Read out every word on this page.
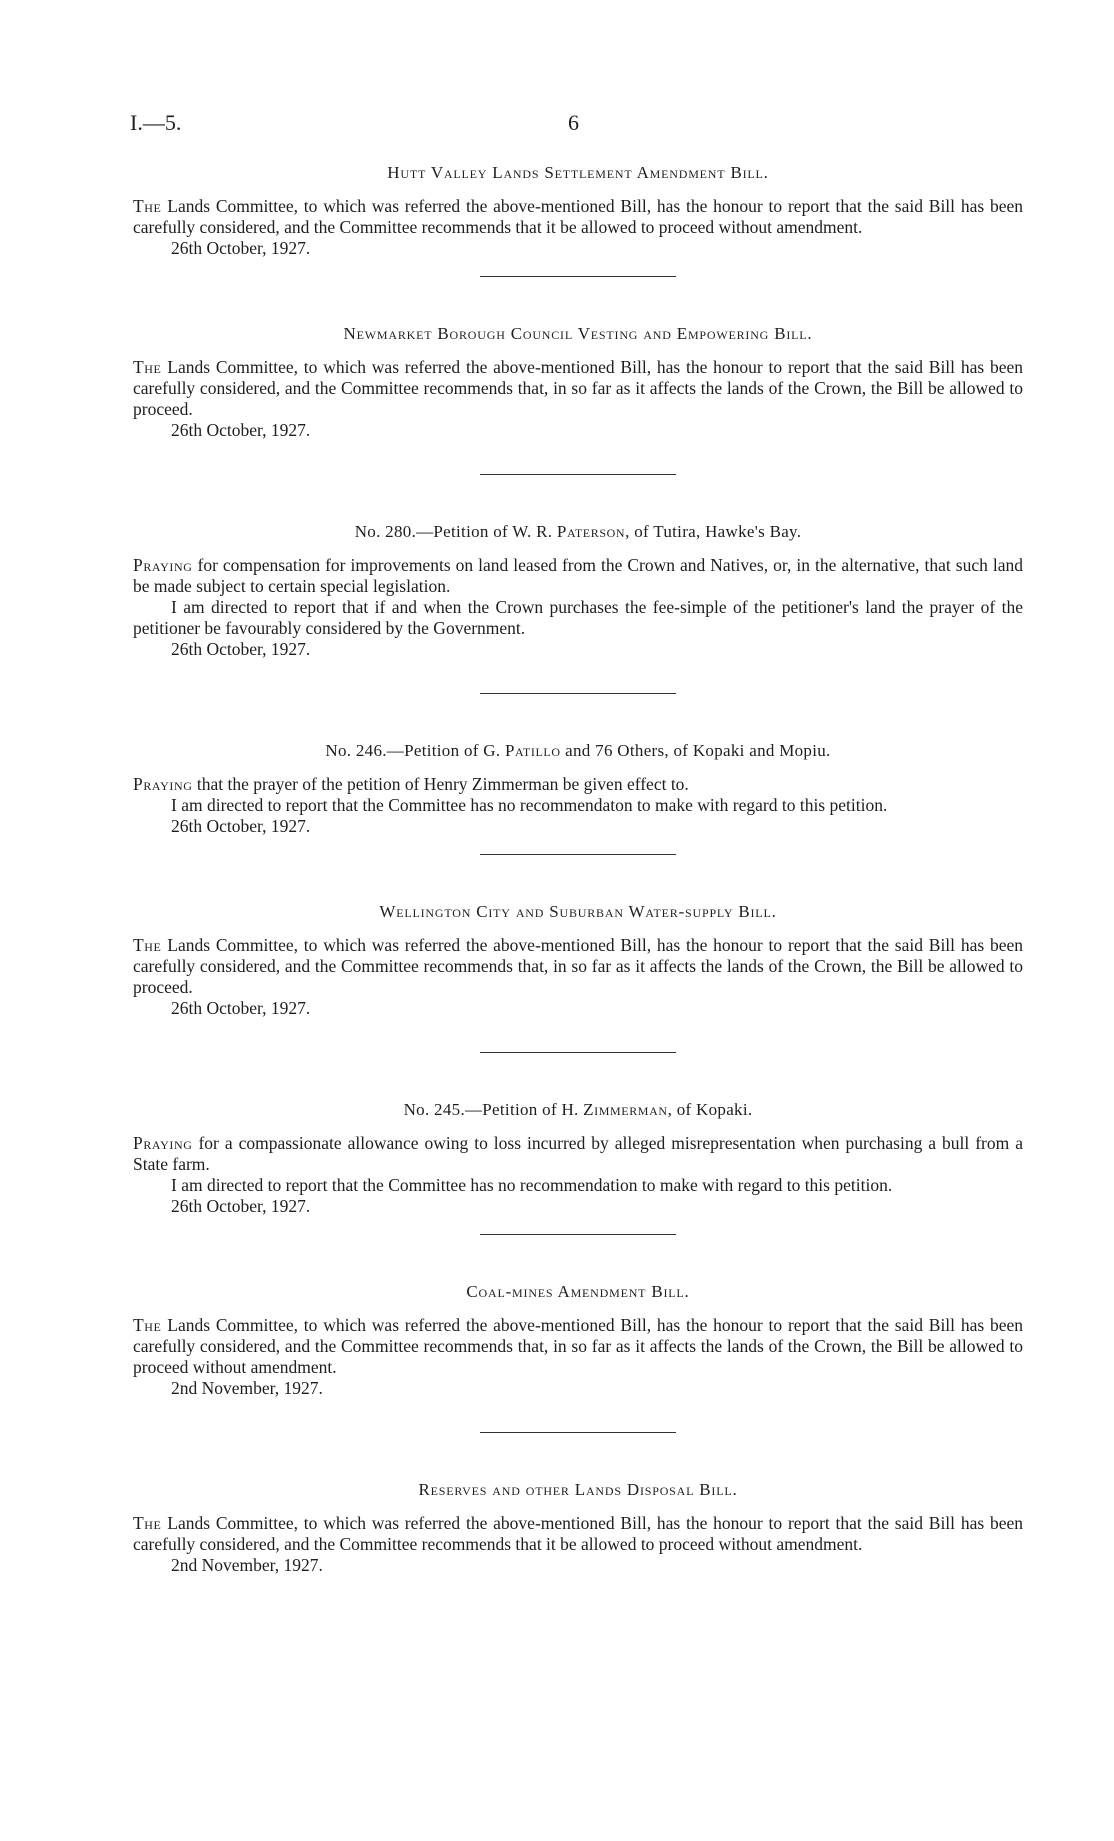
I.—5.	6
Hutt Valley Lands Settlement Amendment Bill.

The Lands Committee, to which was referred the above-mentioned Bill, has the honour to report that the said Bill has been carefully considered, and the Committee recommends that it be allowed to proceed without amendment.

26th October, 1927.

Newmarket Borough Council Vesting and Empowering Bill.

The Lands Committee, to which was referred the above-mentioned Bill, has the honour to report that the said Bill has been carefully considered, and the Committee recommends that, in so far as it affects the lands of the Crown, the Bill be allowed to proceed.

26th October, 1927.

No. 280.—Petition of W. R. Paterson, of Tutira, Hawke's Bay.

Praying for compensation for improvements on land leased from the Crown and Natives, or, in the alternative, that such land be made subject to certain special legislation.

I am directed to report that if and when the Crown purchases the fee-simple of the petitioner's land the prayer of the petitioner be favourably considered by the Government.

26th October, 1927.

No. 246.—Petition of G. Patillo and 76 Others, of Kopaki and Mopiu.

Praying that the prayer of the petition of Henry Zimmerman be given effect to.

I am directed to report that the Committee has no recommendaton to make with regard to this petition.

26th October, 1927.

Wellington City and Suburban Water-supply Bill.

The Lands Committee, to which was referred the above-mentioned Bill, has the honour to report that the said Bill has been carefully considered, and the Committee recommends that, in so far as it affects the lands of the Crown, the Bill be allowed to proceed.

26th October, 1927.

No. 245.—Petition of H. Zimmerman, of Kopaki.

Praying for a compassionate allowance owing to loss incurred by alleged misrepresentation when purchasing a bull from a State farm.

I am directed to report that the Committee has no recommendation to make with regard to this petition.

26th October, 1927.

Coal-mines Amendment Bill.

The Lands Committee, to which was referred the above-mentioned Bill, has the honour to report that the said Bill has been carefully considered, and the Committee recommends that, in so far as it affects the lands of the Crown, the Bill be allowed to proceed without amendment.

2nd November, 1927.

Reserves and other Lands Disposal Bill.

The Lands Committee, to which was referred the above-mentioned Bill, has the honour to report that the said Bill has been carefully considered, and the Committee recommends that it be allowed to proceed without amendment.

2nd November, 1927.
